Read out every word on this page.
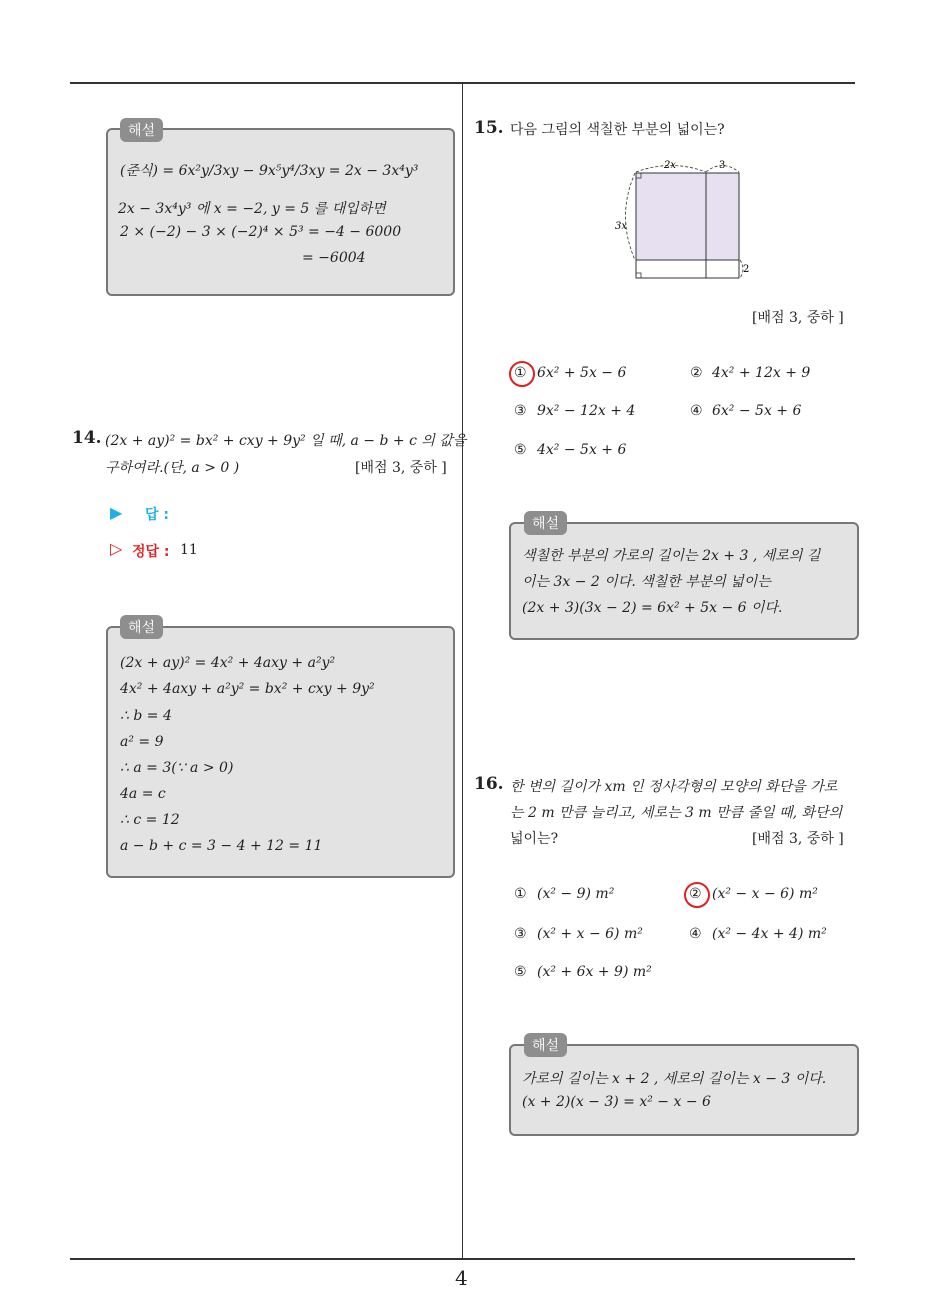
4
해설
(준식) = 6x²y/3xy − 9x⁵y⁴/3xy = 2x − 3x⁴y³
2x − 3x⁴y³ 에 x = −2, y = 5 를 대입하면
2 × (−2) − 3 × (−2)⁴ × 5³ = −4 − 6000
= −6004
14. (2x + ay)² = bx² + cxy + 9y² 일 때, a − b + c 의 값을
구하여라.(단, a > 0 )	[배점 3, 중하 ]
▶ 답 :
▷ 정답 : 11
해설
(2x + ay)² = 4x² + 4axy + a²y²
4x² + 4axy + a²y² = bx² + cxy + 9y²
∴ b = 4
a² = 9
∴ a = 3(∵ a > 0)
4a = c
∴ c = 12
a − b + c = 3 − 4 + 12 = 11
15. 다음 그림의 색칠한 부분의 넓이는?
2x	3
3x
2
[배점 3, 중하 ]
① 6x² + 5x − 6	② 4x² + 12x + 9
③ 9x² − 12x + 4	④ 6x² − 5x + 6
⑤ 4x² − 5x + 6
해설
색칠한 부분의 가로의 길이는 2x + 3 , 세로의 길
이는 3x − 2 이다. 색칠한 부분의 넓이는
(2x + 3)(3x − 2) = 6x² + 5x − 6 이다.
16. 한 변의 길이가 xm 인 정사각형의 모양의 화단을 가로
는 2 m 만큼 늘리고, 세로는 3 m 만큼 줄일 때, 화단의
넓이는?	[배점 3, 중하 ]
① (x² − 9) m²	② (x² − x − 6) m²
③ (x² + x − 6) m²	④ (x² − 4x + 4) m²
⑤ (x² + 6x + 9) m²
해설
가로의 길이는 x + 2 , 세로의 길이는 x − 3 이다.
(x + 2)(x − 3) = x² − x − 6
